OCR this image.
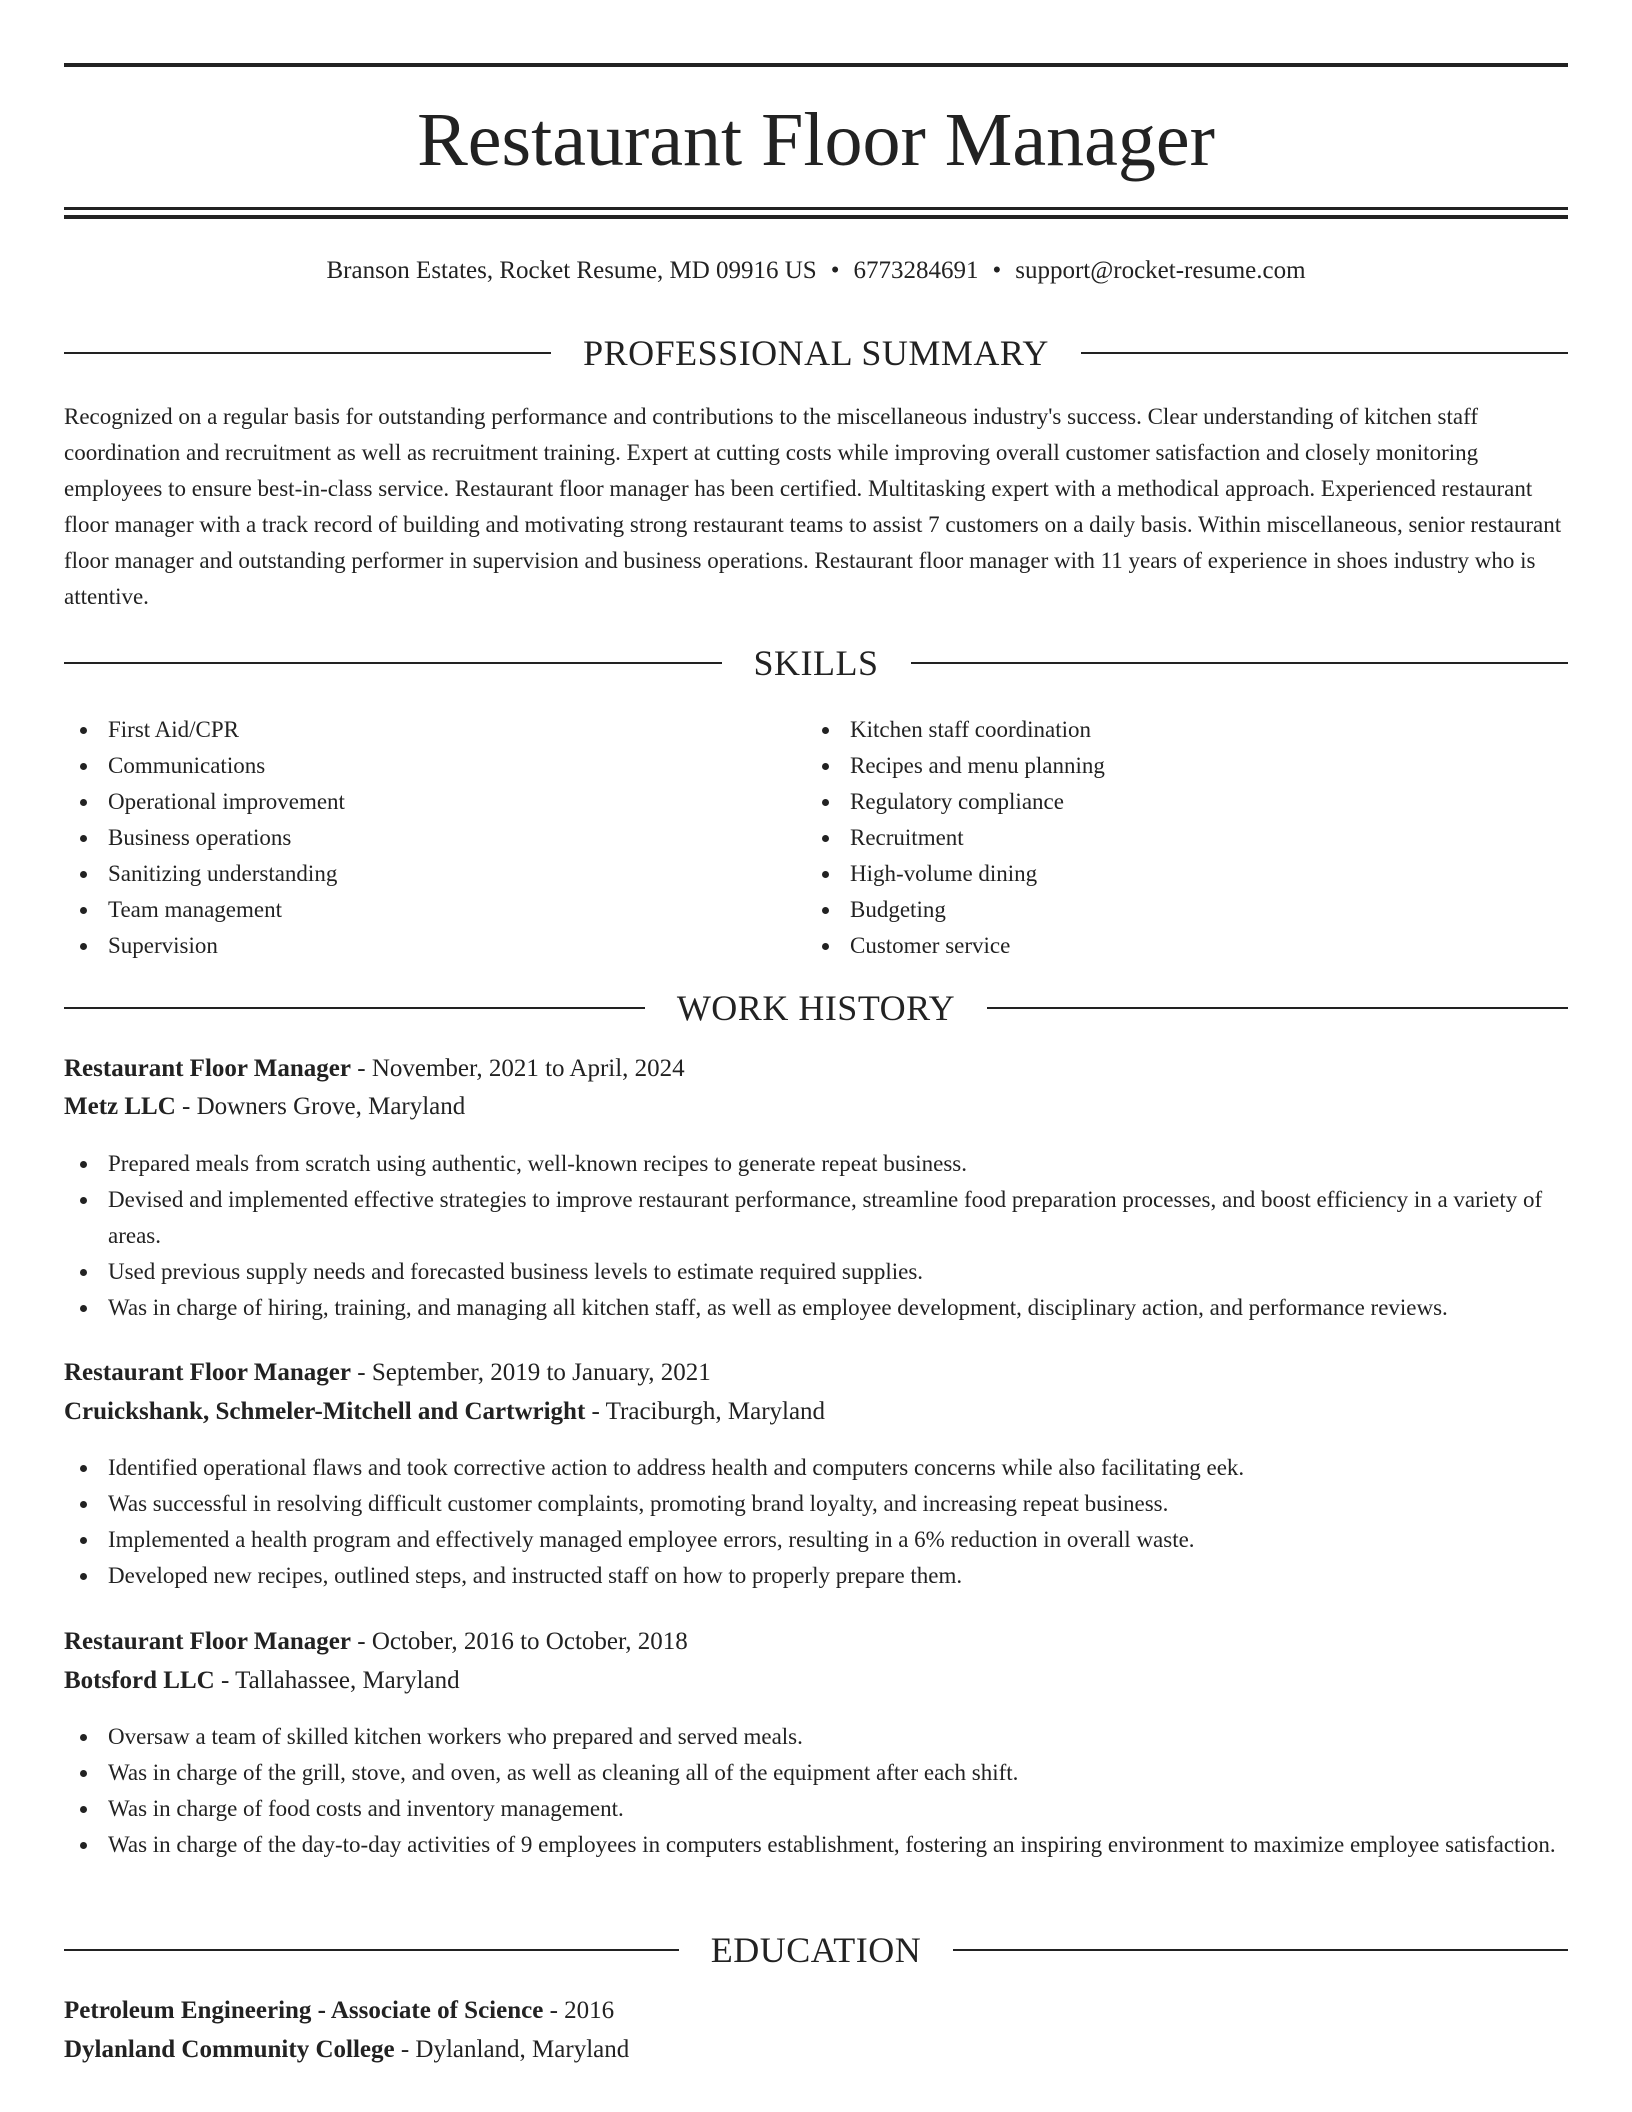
Restaurant Floor Manager
Branson Estates, Rocket Resume, MD 09916 US • 6773284691 • support@rocket-resume.com
PROFESSIONAL SUMMARY

Recognized on a regular basis for outstanding performance and contributions to the miscellaneous industry's success. Clear understanding of kitchen staff coordination and recruitment as well as recruitment training. Expert at cutting costs while improving overall customer satisfaction and closely monitoring employees to ensure best-in-class service. Restaurant floor manager has been certified. Multitasking expert with a methodical approach. Experienced restaurant floor manager with a track record of building and motivating strong restaurant teams to assist 7 customers on a daily basis. Within miscellaneous, senior restaurant floor manager and outstanding performer in supervision and business operations. Restaurant floor manager with 11 years of experience in shoes industry who is attentive.

SKILLS
First Aid/CPR
Communications
Operational improvement
Business operations
Sanitizing understanding
Team management
Supervision
Kitchen staff coordination
Recipes and menu planning
Regulatory compliance
Recruitment
High-volume dining
Budgeting
Customer service
WORK HISTORY
Restaurant Floor Manager - November, 2021 to April, 2024
Metz LLC - Downers Grove, Maryland
Prepared meals from scratch using authentic, well-known recipes to generate repeat business.
Devised and implemented effective strategies to improve restaurant performance, streamline food preparation processes, and boost efficiency in a variety of areas.
Used previous supply needs and forecasted business levels to estimate required supplies.
Was in charge of hiring, training, and managing all kitchen staff, as well as employee development, disciplinary action, and performance reviews.
Restaurant Floor Manager - September, 2019 to January, 2021
Cruickshank, Schmeler-Mitchell and Cartwright - Traciburgh, Maryland
Identified operational flaws and took corrective action to address health and computers concerns while also facilitating eek.
Was successful in resolving difficult customer complaints, promoting brand loyalty, and increasing repeat business.
Implemented a health program and effectively managed employee errors, resulting in a 6% reduction in overall waste.
Developed new recipes, outlined steps, and instructed staff on how to properly prepare them.
Restaurant Floor Manager - October, 2016 to October, 2018
Botsford LLC - Tallahassee, Maryland
Oversaw a team of skilled kitchen workers who prepared and served meals.
Was in charge of the grill, stove, and oven, as well as cleaning all of the equipment after each shift.
Was in charge of food costs and inventory management.
Was in charge of the day-to-day activities of 9 employees in computers establishment, fostering an inspiring environment to maximize employee satisfaction.
EDUCATION
Petroleum Engineering - Associate of Science - 2016
Dylanland Community College - Dylanland, Maryland
